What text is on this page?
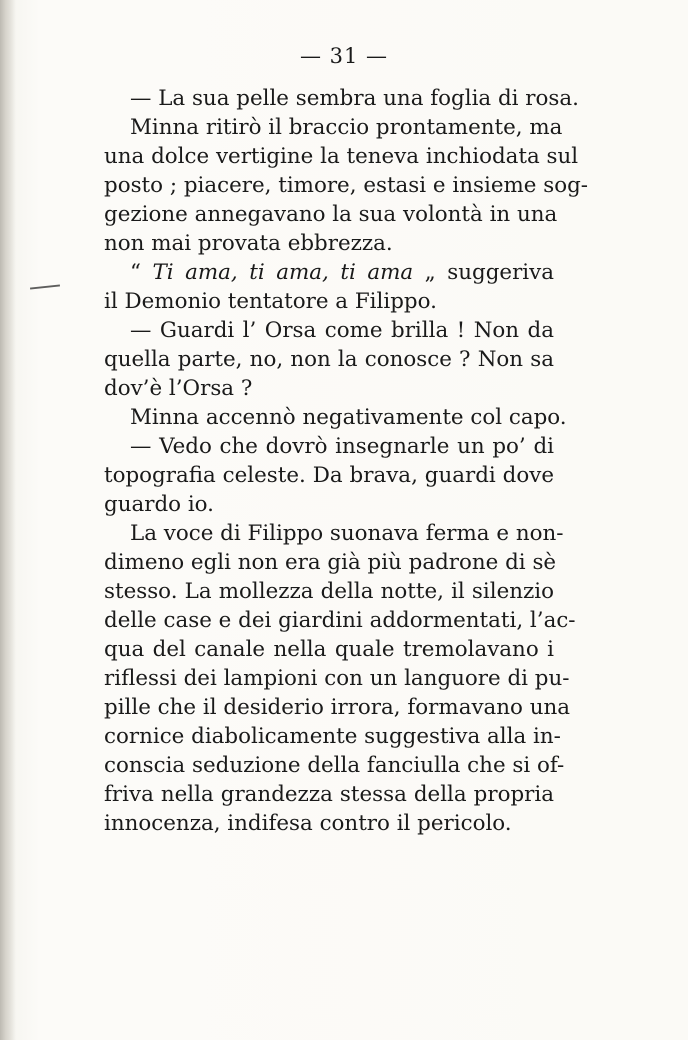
— 31 —
— La sua pelle sembra una foglia di rosa.
Minna ritirò il braccio prontamente, ma
una dolce vertigine la teneva inchiodata sul
posto ; piacere, timore, estasi e insieme sog-
gezione annegavano la sua volontà in una
non mai provata ebbrezza.
“ Ti ama, ti ama, ti ama „ suggeriva
il Demonio tentatore a Filippo.
— Guardi l’ Orsa come brilla ! Non da
quella parte, no, non la conosce ? Non sa
dov’è l’Orsa ?
Minna accennò negativamente col capo.
— Vedo che dovrò insegnarle un po’ di
topografia celeste. Da brava, guardi dove
guardo io.
La voce di Filippo suonava ferma e non-
dimeno egli non era già più padrone di sè
stesso. La mollezza della notte, il silenzio
delle case e dei giardini addormentati, l’ac-
qua del canale nella quale tremolavano i
riflessi dei lampioni con un languore di pu-
pille che il desiderio irrora, formavano una
cornice diabolicamente suggestiva alla in-
conscia seduzione della fanciulla che si of-
friva nella grandezza stessa della propria
innocenza, indifesa contro il pericolo.
